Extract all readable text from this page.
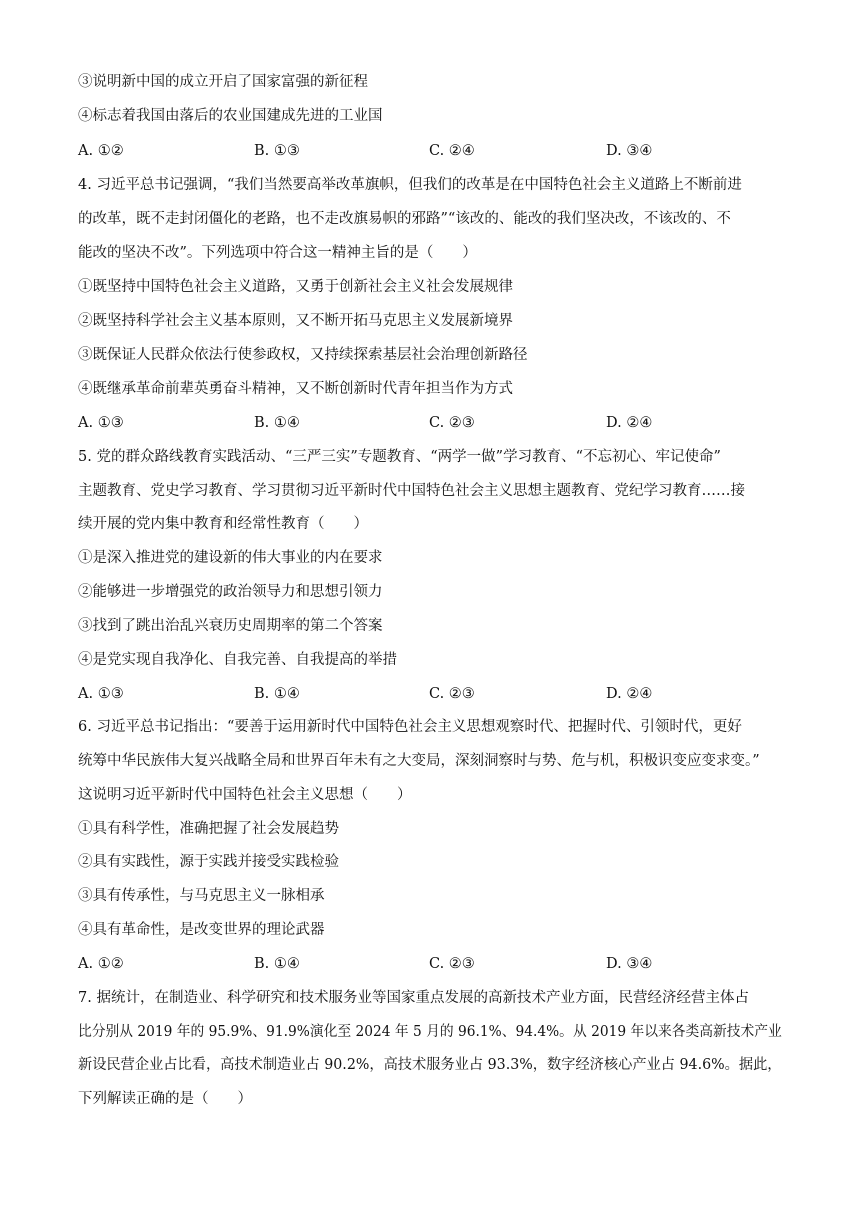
③说明新中国的成立开启了国家富强的新征程
④标志着我国由落后的农业国建成先进的工业国
A. ①②	B. ①③	C. ②④	D. ③④
4. 习近平总书记强调，“我们当然要高举改革旗帜，但我们的改革是在中国特色社会主义道路上不断前进
的改革，既不走封闭僵化的老路，也不走改旗易帜的邪路”“该改的、能改的我们坚决改，不该改的、不
能改的坚决不改”。下列选项中符合这一精神主旨的是（　　）
①既坚持中国特色社会主义道路，又勇于创新社会主义社会发展规律
②既坚持科学社会主义基本原则，又不断开拓马克思主义发展新境界
③既保证人民群众依法行使参政权，又持续探索基层社会治理创新路径
④既继承革命前辈英勇奋斗精神，又不断创新时代青年担当作为方式
A. ①③	B. ①④	C. ②③	D. ②④
5. 党的群众路线教育实践活动、“三严三实”专题教育、“两学一做”学习教育、“不忘初心、牢记使命”
主题教育、党史学习教育、学习贯彻习近平新时代中国特色社会主义思想主题教育、党纪学习教育……接
续开展的党内集中教育和经常性教育（　　）
①是深入推进党的建设新的伟大事业的内在要求
②能够进一步增强党的政治领导力和思想引领力
③找到了跳出治乱兴衰历史周期率的第二个答案
④是党实现自我净化、自我完善、自我提高的举措
A. ①③	B. ①④	C. ②③	D. ②④
6. 习近平总书记指出：“要善于运用新时代中国特色社会主义思想观察时代、把握时代、引领时代，更好
统筹中华民族伟大复兴战略全局和世界百年未有之大变局，深刻洞察时与势、危与机，积极识变应变求变。”
这说明习近平新时代中国特色社会主义思想（　　）
①具有科学性，准确把握了社会发展趋势
②具有实践性，源于实践并接受实践检验
③具有传承性，与马克思主义一脉相承
④具有革命性，是改变世界的理论武器
A. ①②	B. ①④	C. ②③	D. ③④
7. 据统计，在制造业、科学研究和技术服务业等国家重点发展的高新技术产业方面，民营经济经营主体占
比分别从 2019 年的 95.9%、91.9%演化至 2024 年 5 月的 96.1%、94.4%。从 2019 年以来各类高新技术产业
新设民营企业占比看，高技术制造业占 90.2%，高技术服务业占 93.3%，数字经济核心产业占 94.6%。据此，
下列解读正确的是（　　）
